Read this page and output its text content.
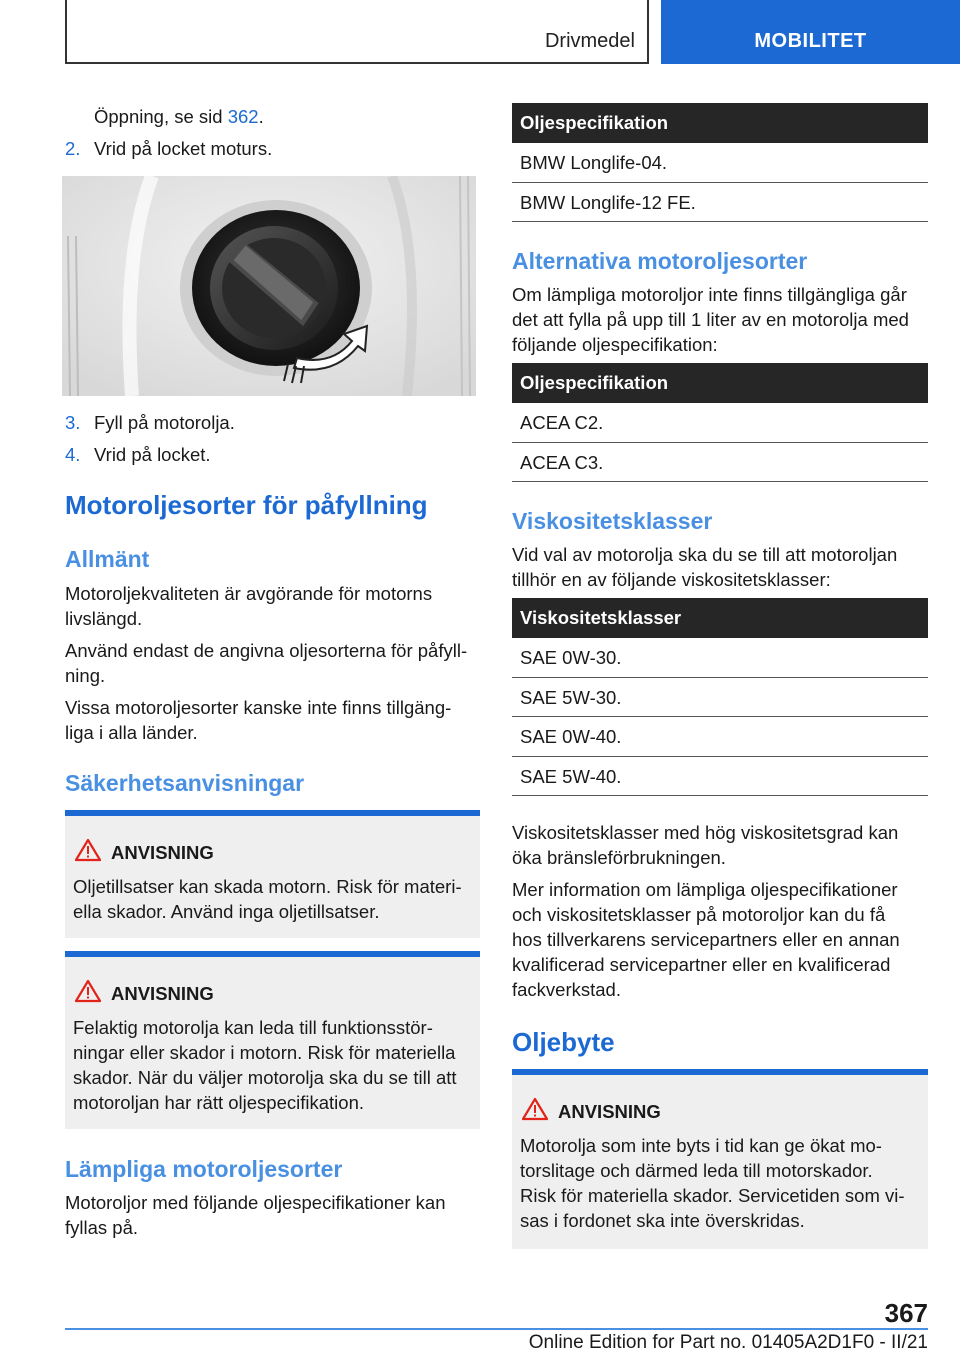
Drivmedel	MOBILITET
Öppning, se sid 362.
2. Vrid på locket moturs.
3. Fyll på motorolja.
4. Vrid på locket.
Motoroljesorter för påfyllning
Allmänt
Motoroljekvaliteten är avgörande för motorns
livslängd.
Använd endast de angivna oljesorterna för påfyll‐
ning.
Vissa motoroljesorter kanske inte finns tillgäng‐
liga i alla länder.
Säkerhetsanvisningar
ANVISNING
Oljetillsatser kan skada motorn. Risk för materi‐
ella skador. Använd inga oljetillsatser.
ANVISNING
Felaktig motorolja kan leda till funktionsstör‐
ningar eller skador i motorn. Risk för materiella
skador. När du väljer motorolja ska du se till att
motoroljan har rätt oljespecifikation.
Lämpliga motoroljesorter
Motoroljor med följande oljespecifikationer kan
fyllas på.
Oljespecifikation
BMW Longlife-04.
BMW Longlife-12 FE.
Alternativa motoroljesorter
Om lämpliga motoroljor inte finns tillgängliga går
det att fylla på upp till 1 liter av en motorolja med
följande oljespecifikation:
Oljespecifikation
ACEA C2.
ACEA C3.
Viskositetsklasser
Vid val av motorolja ska du se till att motoroljan
tillhör en av följande viskositetsklasser:
Viskositetsklasser
SAE 0W-30.
SAE 5W-30.
SAE 0W-40.
SAE 5W-40.
Viskositetsklasser med hög viskositetsgrad kan
öka bränsleförbrukningen.
Mer information om lämpliga oljespecifikationer
och viskositetsklasser på motoroljor kan du få
hos tillverkarens servicepartners eller en annan
kvalificerad servicepartner eller en kvalificerad
fackverkstad.
Oljebyte
ANVISNING
Motorolja som inte byts i tid kan ge ökat mo‐
torslitage och därmed leda till motorskador.
Risk för materiella skador. Servicetiden som vi‐
sas i fordonet ska inte överskridas.
367
Online Edition for Part no. 01405A2D1F0 - II/21
